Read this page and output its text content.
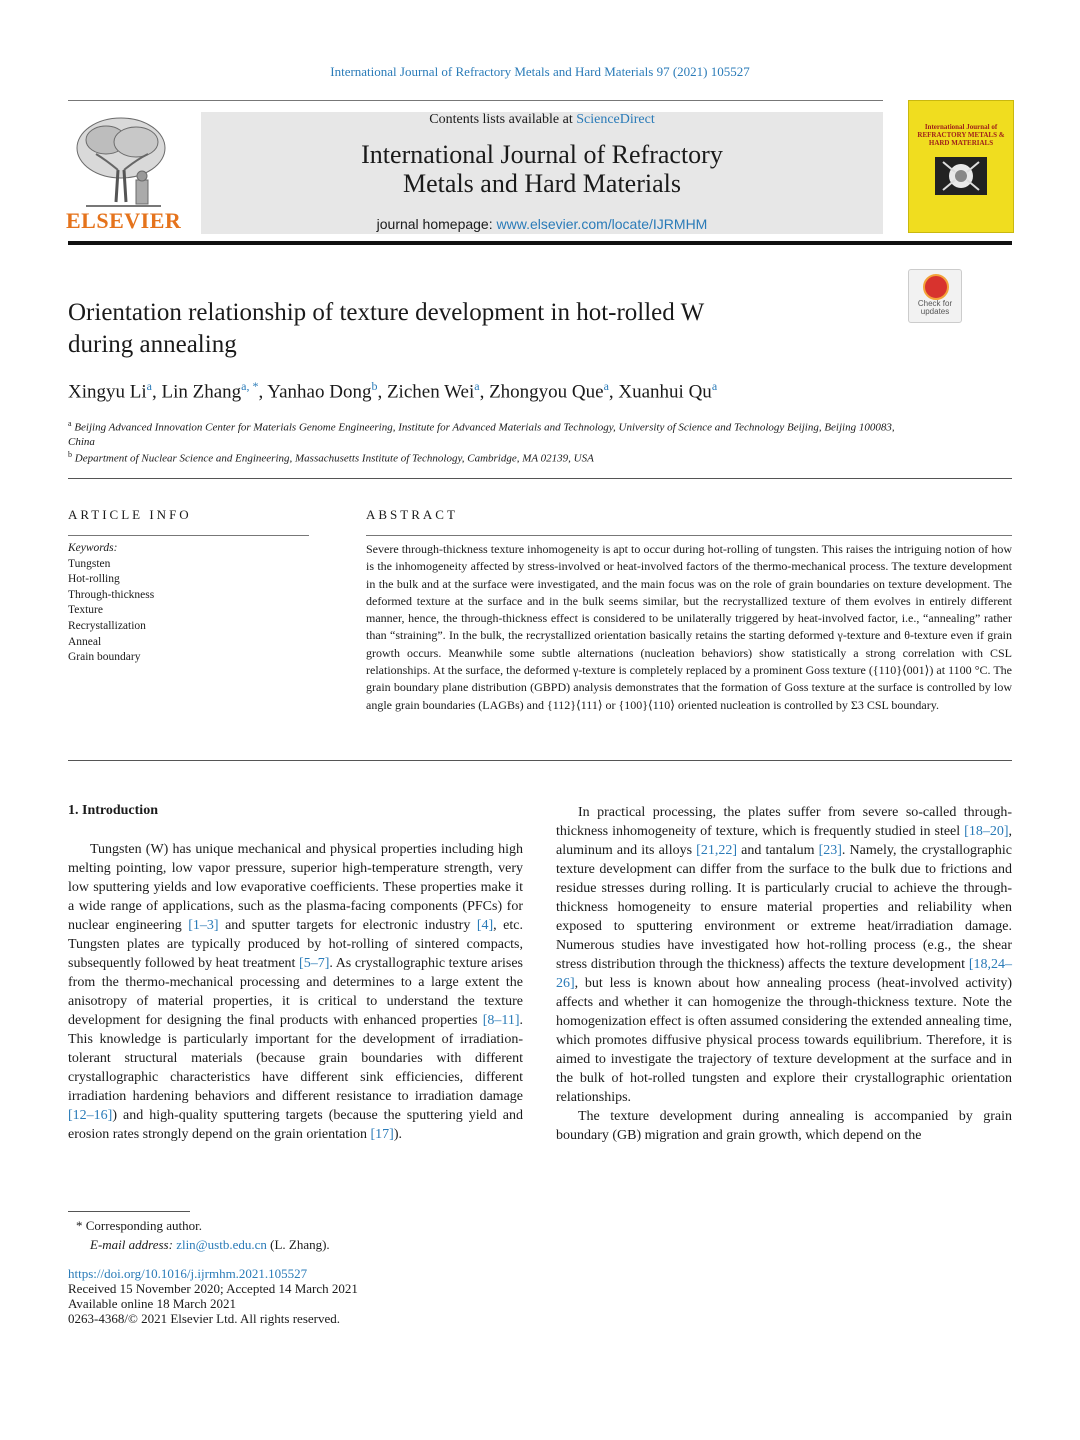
International Journal of Refractory Metals and Hard Materials 97 (2021) 105527
Contents lists available at ScienceDirect
International Journal of Refractory
Metals and Hard Materials
journal homepage: www.elsevier.com/locate/IJRMHM
ELSEVIER
International Journal of REFRACTORY METALS & HARD MATERIALS
Orientation relationship of texture development in hot-rolled W
during annealing
Check for updates
Xingyu Li$^a$, Lin Zhang$^{a, *}$, Yanhao Dong$^b$, Zichen Wei$^a$, Zhongyou Que$^a$, Xuanhui Qu$^a$
$^a$ Beijing Advanced Innovation Center for Materials Genome Engineering, Institute for Advanced Materials and Technology, University of Science and Technology Beijing, Beijing 100083, China
$^b$ Department of Nuclear Science and Engineering, Massachusetts Institute of Technology, Cambridge, MA 02139, USA
ARTICLE INFO
Keywords:
Tungsten
Hot-rolling
Through-thickness
Texture
Recrystallization
Anneal
Grain boundary
ABSTRACT
Severe through-thickness texture inhomogeneity is apt to occur during hot-rolling of tungsten. This raises the intriguing notion of how is the inhomogeneity affected by stress-involved or heat-involved factors of the thermo-mechanical process. The texture development in the bulk and at the surface were investigated, and the main focus was on the role of grain boundaries on texture development. The deformed texture at the surface and in the bulk seems similar, but the recrystallized texture of them evolves in entirely different manner, hence, the through-thickness effect is considered to be unilaterally triggered by heat-involved factor, i.e., “annealing” rather than “straining”. In the bulk, the recrystallized orientation basically retains the starting deformed γ-texture and θ-texture even if grain growth occurs. Meanwhile some subtle alternations (nucleation behaviors) show statistically a strong correlation with CSL relationships. At the surface, the deformed γ-texture is completely replaced by a prominent Goss texture ({110}⟨001⟩) at 1100 °C. The grain boundary plane distribution (GBPD) analysis demonstrates that the formation of Goss texture at the surface is controlled by low angle grain boundaries (LAGBs) and {112}⟨111⟩ or {100}⟨110⟩ oriented nucleation is controlled by Σ3 CSL boundary.
1. Introduction

Tungsten (W) has unique mechanical and physical properties including high melting pointing, low vapor pressure, superior high-temperature strength, very low sputtering yields and low evaporative coefficients. These properties make it a wide range of applications, such as the plasma-facing components (PFCs) for nuclear engineering [1–3] and sputter targets for electronic industry [4], etc. Tungsten plates are typically produced by hot-rolling of sintered compacts, subsequently followed by heat treatment [5–7]. As crystallographic texture arises from the thermo-mechanical processing and determines to a large extent the anisotropy of material properties, it is critical to understand the texture development for designing the final products with enhanced properties [8–11]. This knowledge is particularly important for the development of irradiation-tolerant structural materials (because grain boundaries with different crystallographic characteristics have different sink efficiencies, different irradiation hardening behaviors and different resistance to irradiation damage [12–16]) and high-quality sputtering targets (because the sputtering yield and erosion rates strongly depend on the grain orientation [17]).

In practical processing, the plates suffer from severe so-called through-thickness inhomogeneity of texture, which is frequently studied in steel [18–20], aluminum and its alloys [21,22] and tantalum [23]. Namely, the crystallographic texture development can differ from the surface to the bulk due to frictions and residue stresses during rolling. It is particularly crucial to achieve the through-thickness homogeneity to ensure material properties and reliability when exposed to sputtering environment or extreme heat/irradiation damage. Numerous studies have investigated how hot-rolling process (e.g., the shear stress distribution through the thickness) affects the texture development [18,24–26], but less is known about how annealing process (heat-involved activity) affects and whether it can homogenize the through-thickness texture. Note the homogenization effect is often assumed considering the extended annealing time, which promotes diffusive physical process towards equilibrium. Therefore, it is aimed to investigate the trajectory of texture development at the surface and in the bulk of hot-rolled tungsten and explore their crystallographic orientation relationships.

The texture development during annealing is accompanied by grain boundary (GB) migration and grain growth, which depend on the

* Corresponding author.
E-mail address: zlin@ustb.edu.cn (L. Zhang).
https://doi.org/10.1016/j.ijrmhm.2021.105527
Received 15 November 2020; Accepted 14 March 2021
Available online 18 March 2021
0263-4368/© 2021 Elsevier Ltd. All rights reserved.
